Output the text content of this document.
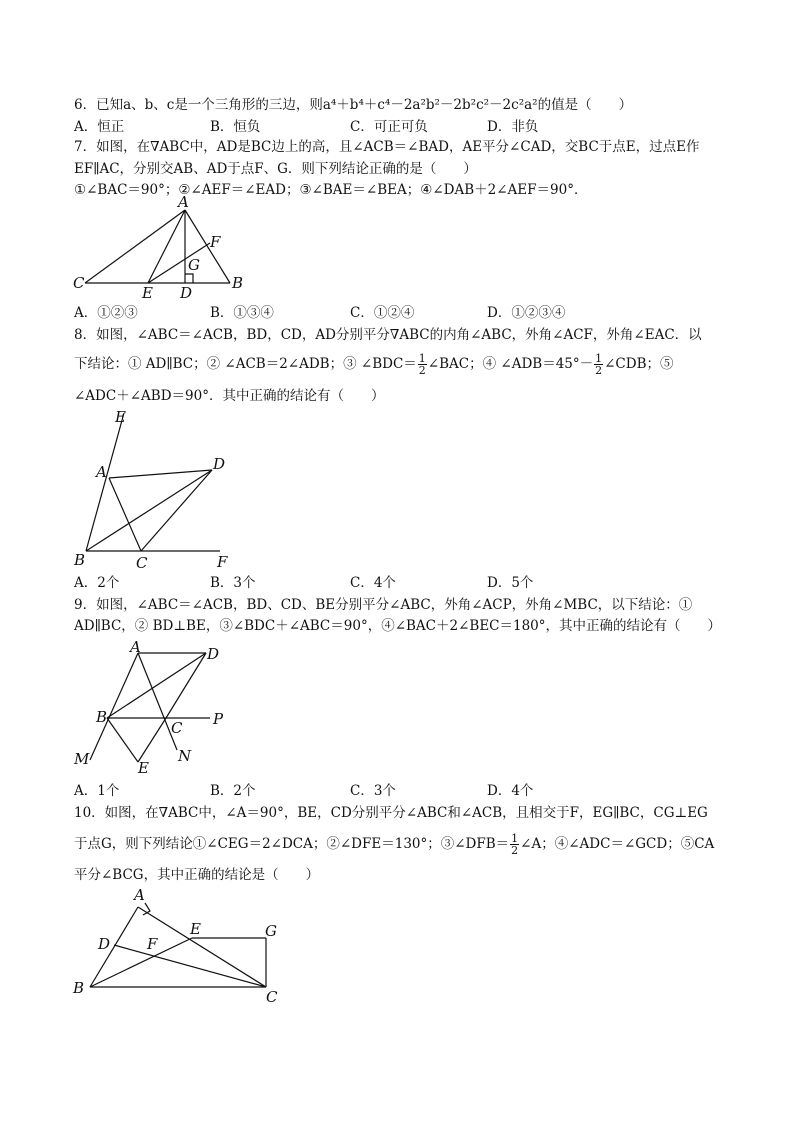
6．已知a、b、c是一个三角形的三边，则a⁴＋b⁴＋c⁴－2a²b²－2b²c²－2c²a²的值是（　　）
A．恒正	B．恒负	C．可正可负	D．非负
7．如图，在∇ABC中，AD是BC边上的高，且∠ACB＝∠BAD，AE平分∠CAD，交BC于点E，过点E作
EF∥AC，分别交AB、AD于点F、G．则下列结论正确的是（　　）
①∠BAC＝90°；②∠AEF＝∠EAD；③∠BAE＝∠BEA；④∠DAB＋2∠AEF＝90°．
A
F
G
C
E D
B
A．①②③	B．①③④	C．①②④	D．①②③④
8．如图，∠ABC＝∠ACB，BD，CD，AD分别平分∇ABC的内角∠ABC，外角∠ACF，外角∠EAC．以
下结论：① AD∥BC；② ∠ACB＝2∠ADB；③ ∠BDC＝ $\frac{1}{2}$ ∠BAC；④ ∠ADB＝45°－ $\frac{1}{2}$ ∠CDB；⑤
∠ADC＋∠ABD＝90°．其中正确的结论有（　　）
E
A	D
B	C	F
A．2个	B．3个	C．4个	D．5个
9．如图，∠ABC＝∠ACB，BD、CD、BE分别平分∠ABC，外角∠ACP，外角∠MBC，以下结论：①
AD∥BC，② BD⊥BE，③∠BDC＋∠ABC＝90°，④∠BAC＋2∠BEC＝180°，其中正确的结论有（　　）
A	D
B
C P
M	E
N
A．1个	B．2个	C．3个	D．4个
10．如图，在∇ABC中，∠A＝90°，BE，CD分别平分∠ABC和∠ACB，且相交于F，EG∥BC，CG⊥EG
于点G，则下列结论①∠CEG＝2∠DCA；②∠DFE＝130°；③∠DFB＝ $\frac{1}{2}$ ∠A；④∠ADC＝∠GCD；⑤CA
平分∠BCG，其中正确的结论是（　　）
A
D F
E	G
B	C
